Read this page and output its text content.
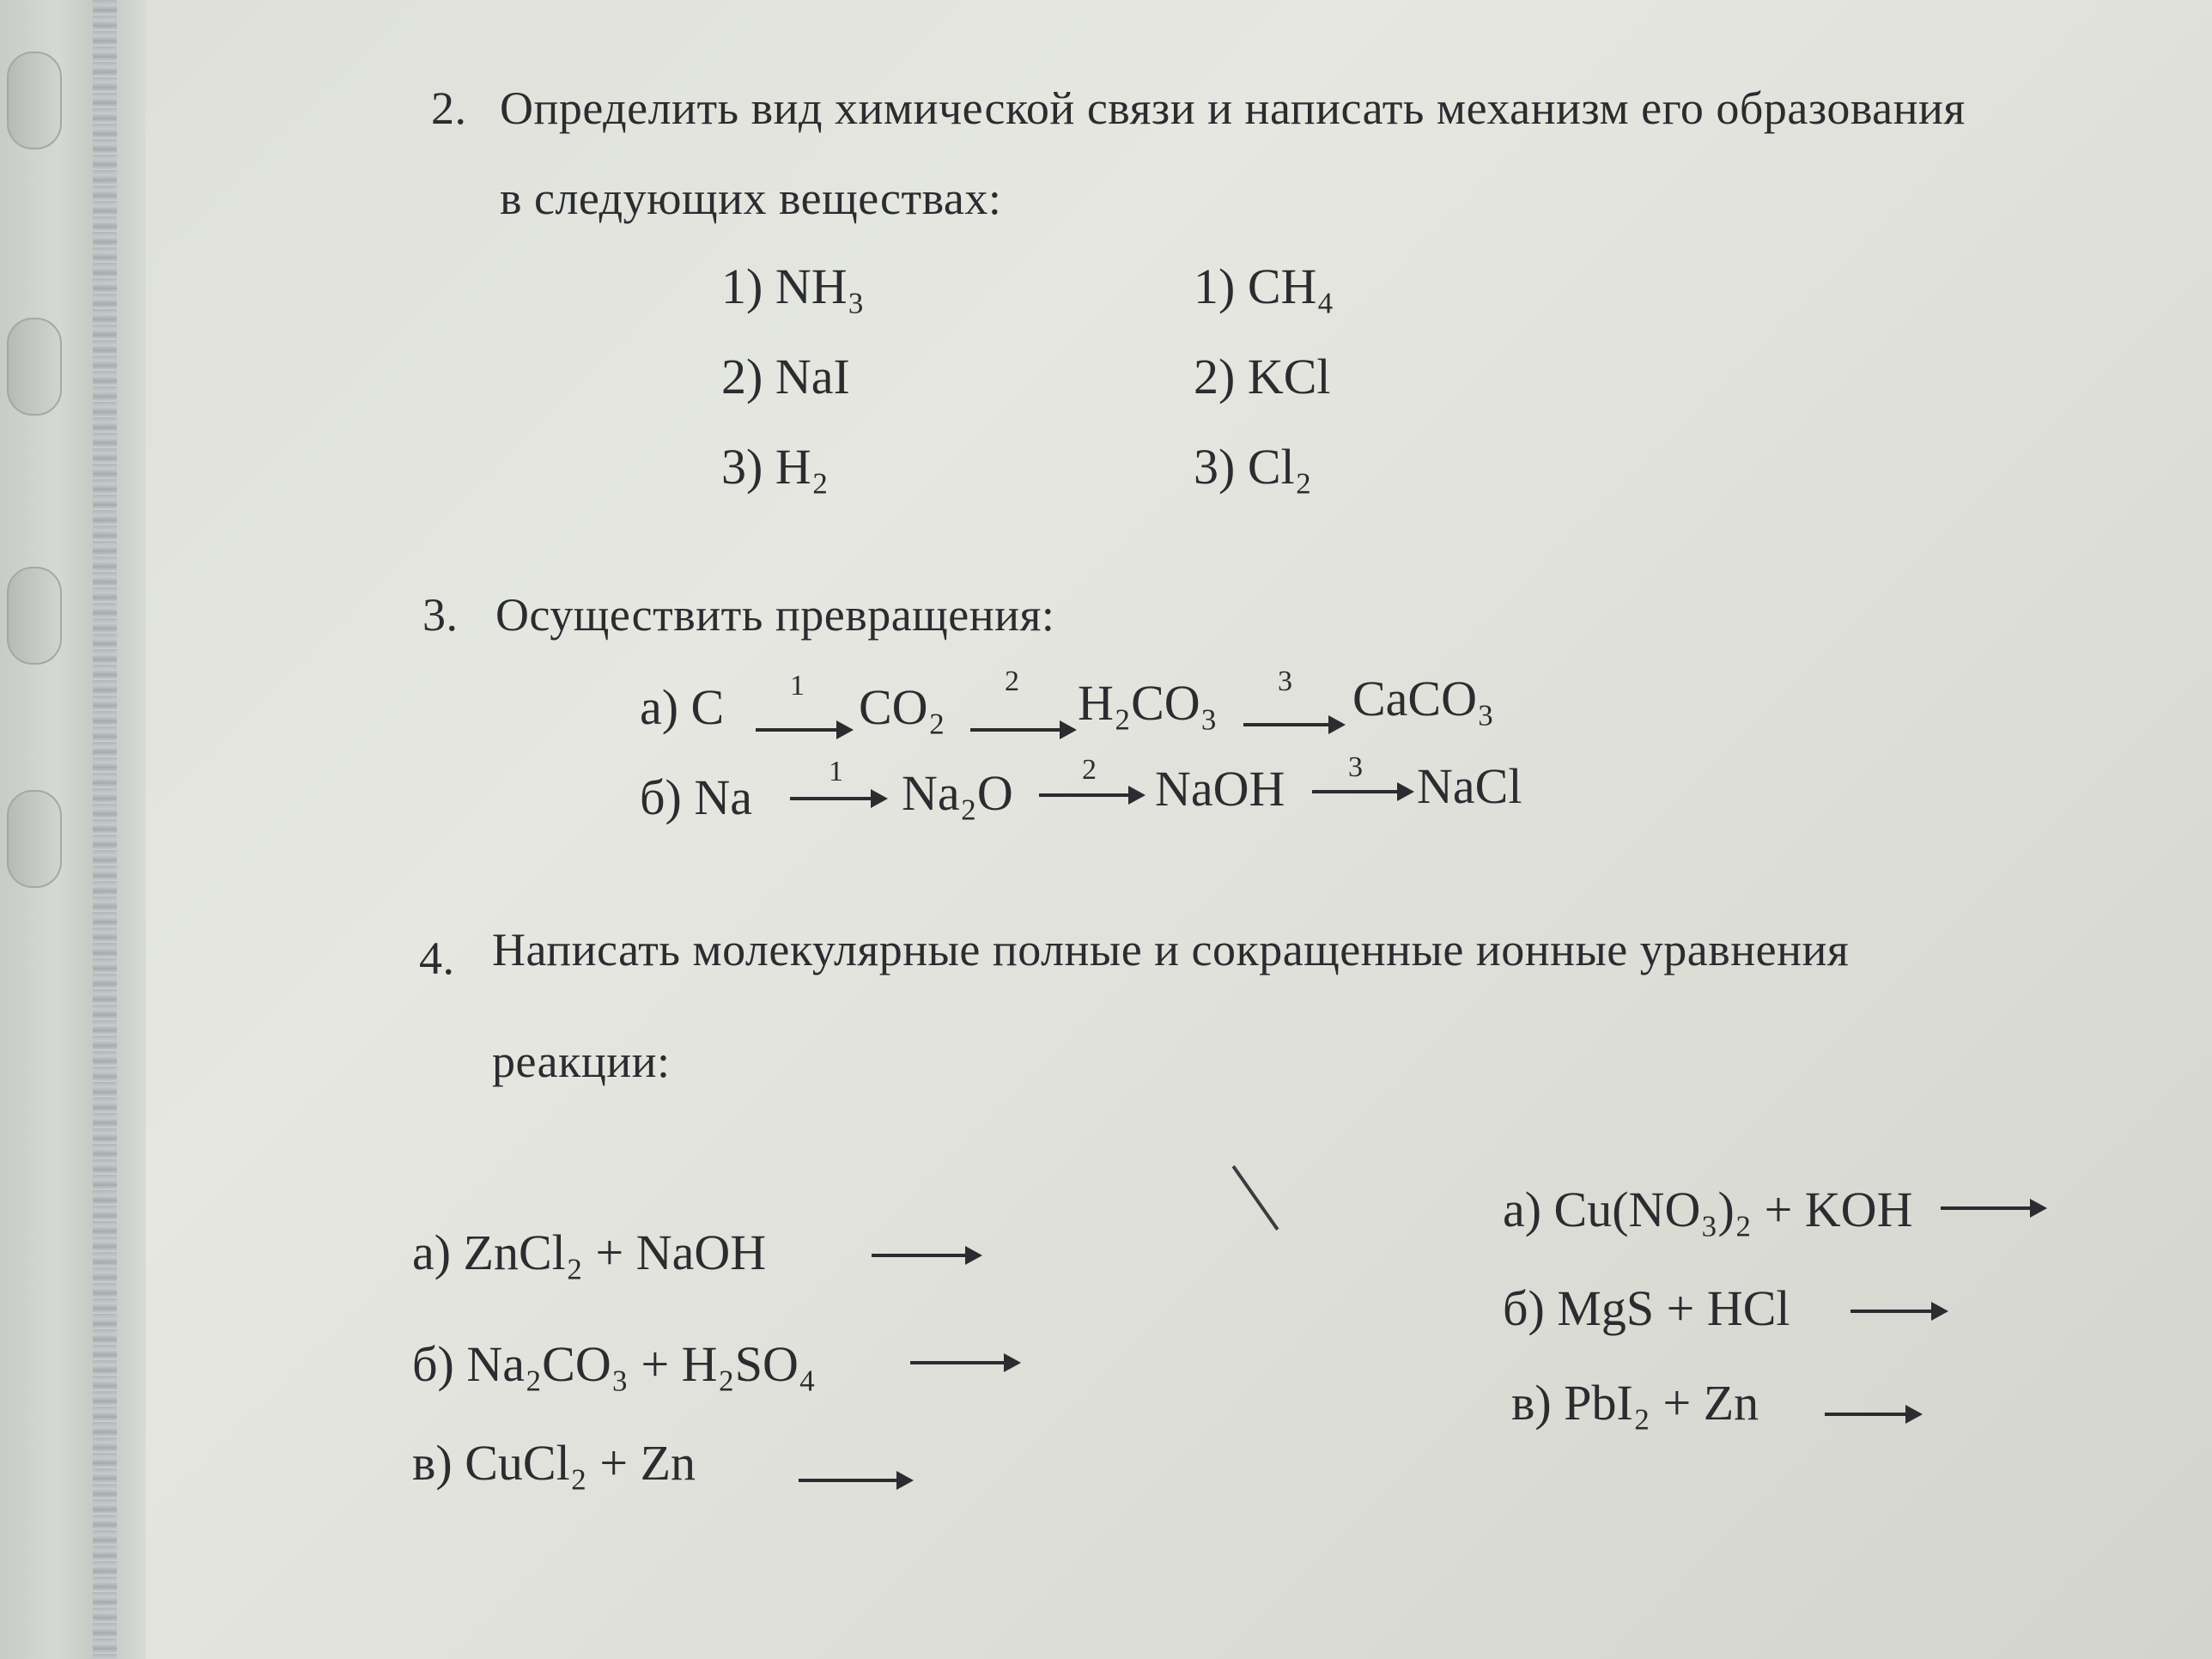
2. Определить вид химической связи и написать механизм его образования
в следующих веществах:
1) NH₃
2) NaI
3) H₂
1) CH₄
2) KCl
3) Cl₂
3. Осуществить превращения:
а) C 1 CO₂ 2 H₂CO₃ 3 CaCO₃
б) Na	1 Na₂O 2 NaOH 3 NaCl
4. Написать молекулярные полные и сокращенные ионные уравнения
реакции:
а) ZnCl₂ + NaOH
б) Na₂CO₃ + H₂SO₄
в) CuCl₂ + Zn
а) Cu(NO₃)₂ + KOH
б) MgS + HCl
в) PbI₂ + Zn
